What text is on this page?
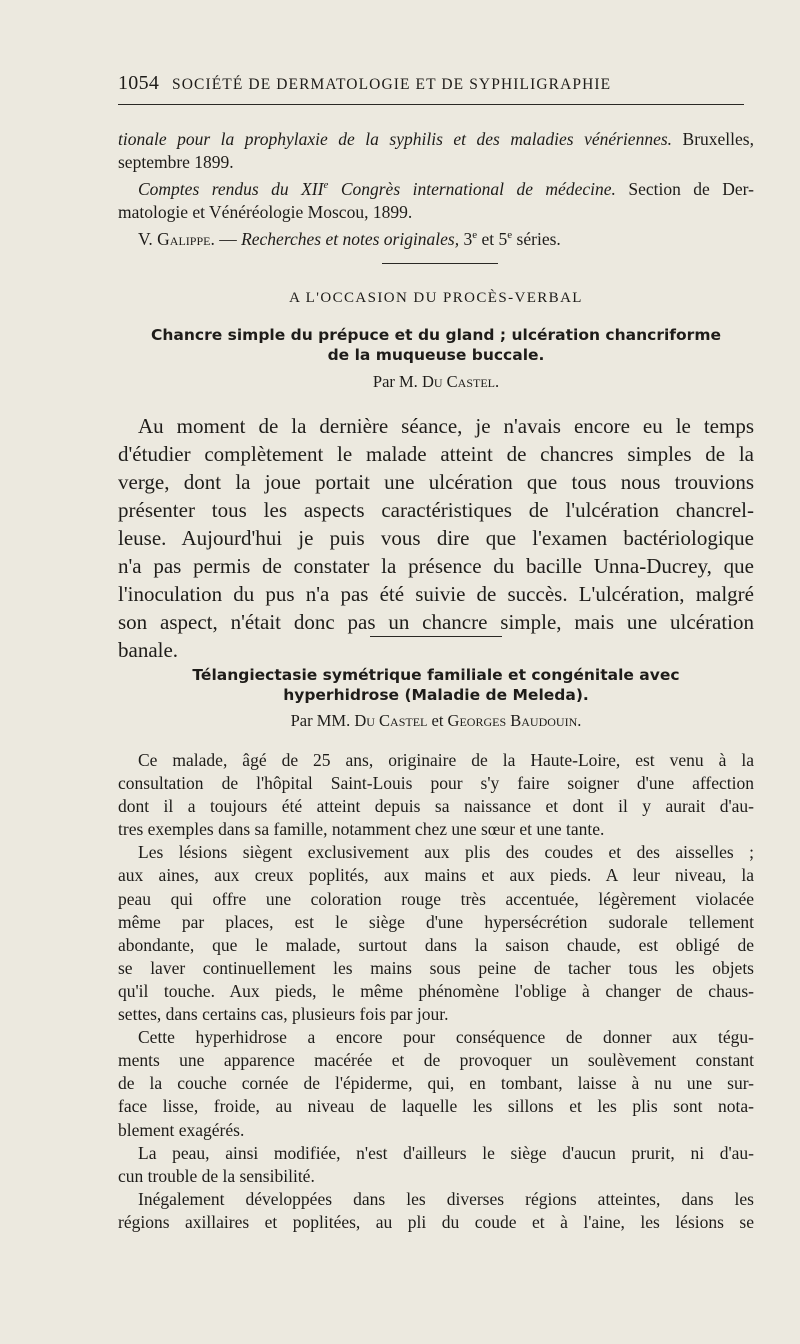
1054 SOCIÉTÉ DE DERMATOLOGIE ET DE SYPHILIGRAPHIE
tionale pour la prophylaxie de la syphilis et des maladies vénériennes. Bruxelles,
septembre 1899.
Comptes rendus du XIIe Congrès international de médecine. Section de Der-
matologie et Vénéréologie Moscou, 1899.
V. Galippe. — Recherches et notes originales, 3e et 5e séries.
A L'OCCASION DU PROCÈS-VERBAL
Chancre simple du prépuce et du gland ; ulcération chancriforme
de la muqueuse buccale.
Par M. Du Castel.
Au moment de la dernière séance, je n'avais encore eu le temps
d'étudier complètement le malade atteint de chancres simples de la
verge, dont la joue portait une ulcération que tous nous trouvions
présenter tous les aspects caractéristiques de l'ulcération chancrel-
leuse. Aujourd'hui je puis vous dire que l'examen bactériologique
n'a pas permis de constater la présence du bacille Unna-Ducrey, que
l'inoculation du pus n'a pas été suivie de succès. L'ulcération, malgré
son aspect, n'était donc pas un chancre simple, mais une ulcération
banale.
Télangiectasie symétrique familiale et congénitale avec
hyperhidrose (Maladie de Meleda).
Par MM. Du Castel et Georges Baudouin.
Ce malade, âgé de 25 ans, originaire de la Haute-Loire, est venu à la
consultation de l'hôpital Saint-Louis pour s'y faire soigner d'une affection
dont il a toujours été atteint depuis sa naissance et dont il y aurait d'au-
tres exemples dans sa famille, notamment chez une sœur et une tante.
Les lésions siègent exclusivement aux plis des coudes et des aisselles ;
aux aines, aux creux poplités, aux mains et aux pieds. A leur niveau, la
peau qui offre une coloration rouge très accentuée, légèrement violacée
même par places, est le siège d'une hypersécrétion sudorale tellement
abondante, que le malade, surtout dans la saison chaude, est obligé de
se laver continuellement les mains sous peine de tacher tous les objets
qu'il touche. Aux pieds, le même phénomène l'oblige à changer de chaus-
settes, dans certains cas, plusieurs fois par jour.
Cette hyperhidrose a encore pour conséquence de donner aux tégu-
ments une apparence macérée et de provoquer un soulèvement constant
de la couche cornée de l'épiderme, qui, en tombant, laisse à nu une sur-
face lisse, froide, au niveau de laquelle les sillons et les plis sont nota-
blement exagérés.
La peau, ainsi modifiée, n'est d'ailleurs le siège d'aucun prurit, ni d'au-
cun trouble de la sensibilité.
Inégalement développées dans les diverses régions atteintes, dans les
régions axillaires et poplitées, au pli du coude et à l'aine, les lésions se
